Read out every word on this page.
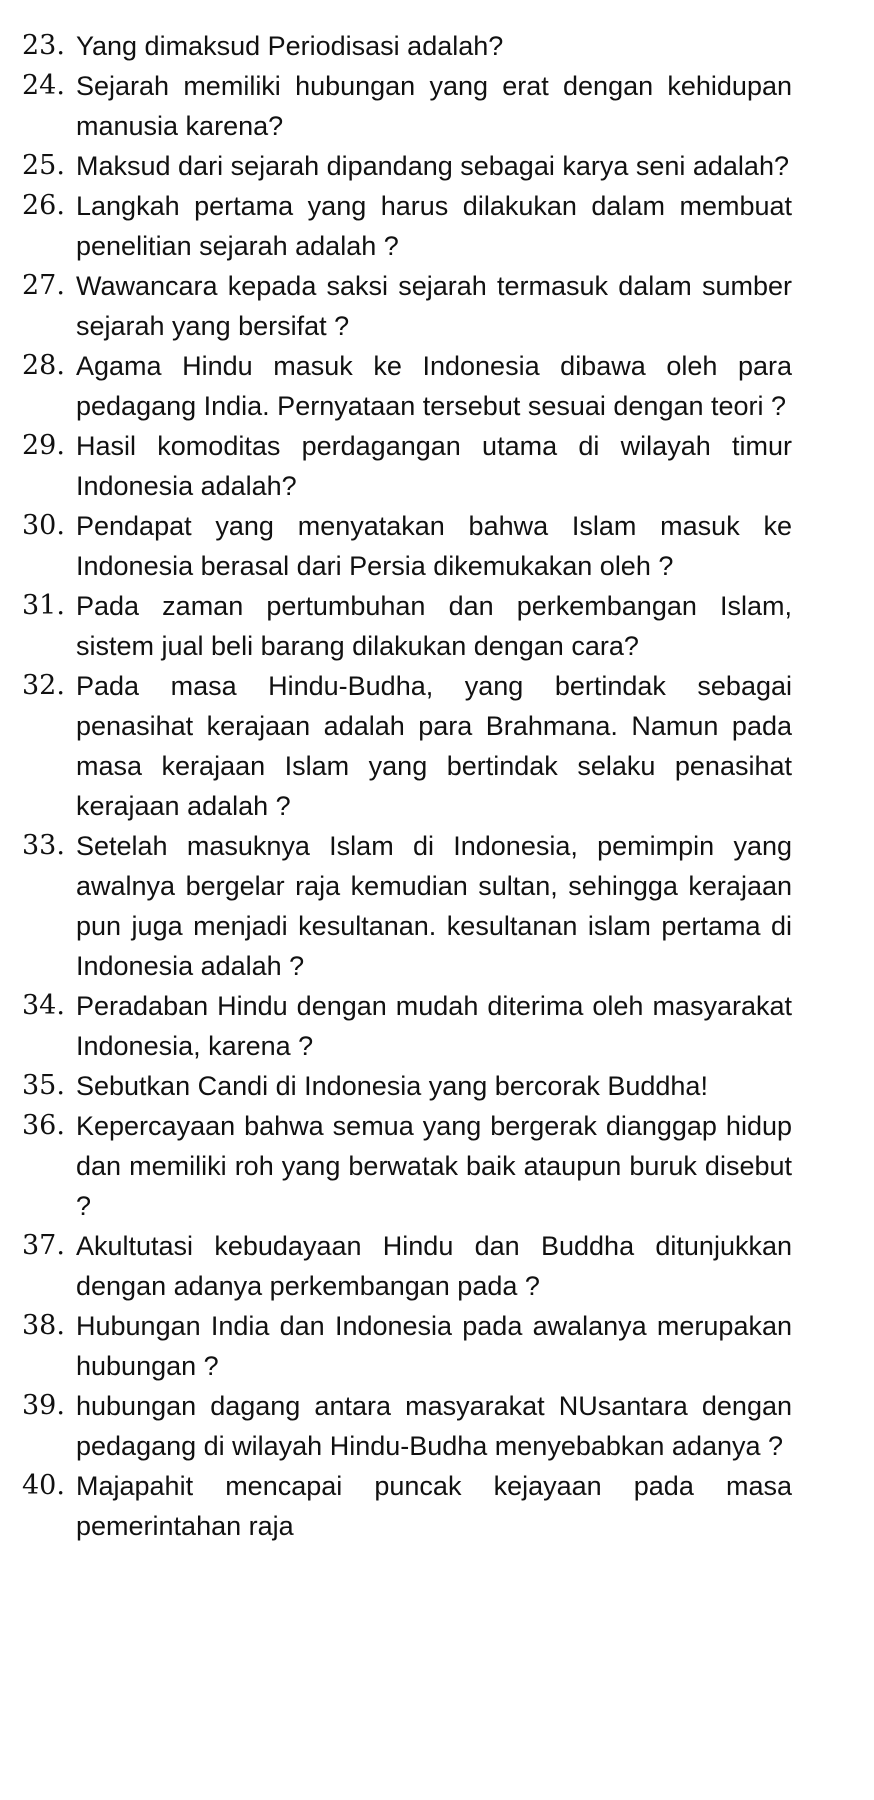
23. Yang dimaksud Periodisasi adalah?
24. Sejarah memiliki hubungan yang erat dengan kehidupan manusia karena?
25. Maksud dari sejarah dipandang sebagai karya seni adalah?
26. Langkah pertama yang harus dilakukan dalam membuat penelitian sejarah adalah ?
27. Wawancara kepada saksi sejarah termasuk dalam sumber sejarah yang bersifat ?
28. Agama Hindu masuk ke Indonesia dibawa oleh para pedagang India. Pernyataan tersebut sesuai dengan teori ?
29. Hasil komoditas perdagangan utama di wilayah timur Indonesia adalah?
30. Pendapat yang menyatakan bahwa Islam masuk ke Indonesia berasal dari Persia dikemukakan oleh ?
31. Pada zaman pertumbuhan dan perkembangan Islam, sistem jual beli barang dilakukan dengan cara?
32. Pada masa Hindu-Budha, yang bertindak sebagai penasihat kerajaan adalah para Brahmana. Namun pada masa kerajaan Islam yang bertindak selaku penasihat kerajaan adalah ?
33. Setelah masuknya Islam di Indonesia, pemimpin yang awalnya bergelar raja kemudian sultan, sehingga kerajaan pun juga menjadi kesultanan. kesultanan islam pertama di Indonesia adalah ?
34. Peradaban Hindu dengan mudah diterima oleh masyarakat Indonesia, karena ?
35. Sebutkan Candi di Indonesia yang bercorak Buddha!
36. Kepercayaan bahwa semua yang bergerak dianggap hidup dan memiliki roh yang berwatak baik ataupun buruk disebut ?
37. Akultutasi kebudayaan Hindu dan Buddha ditunjukkan dengan adanya perkembangan pada ?
38. Hubungan India dan Indonesia pada awalanya merupakan hubungan ?
39. hubungan dagang antara masyarakat NUsantara dengan pedagang di wilayah Hindu-Budha menyebabkan adanya ?
40. Majapahit mencapai puncak kejayaan pada masa pemerintahan raja
